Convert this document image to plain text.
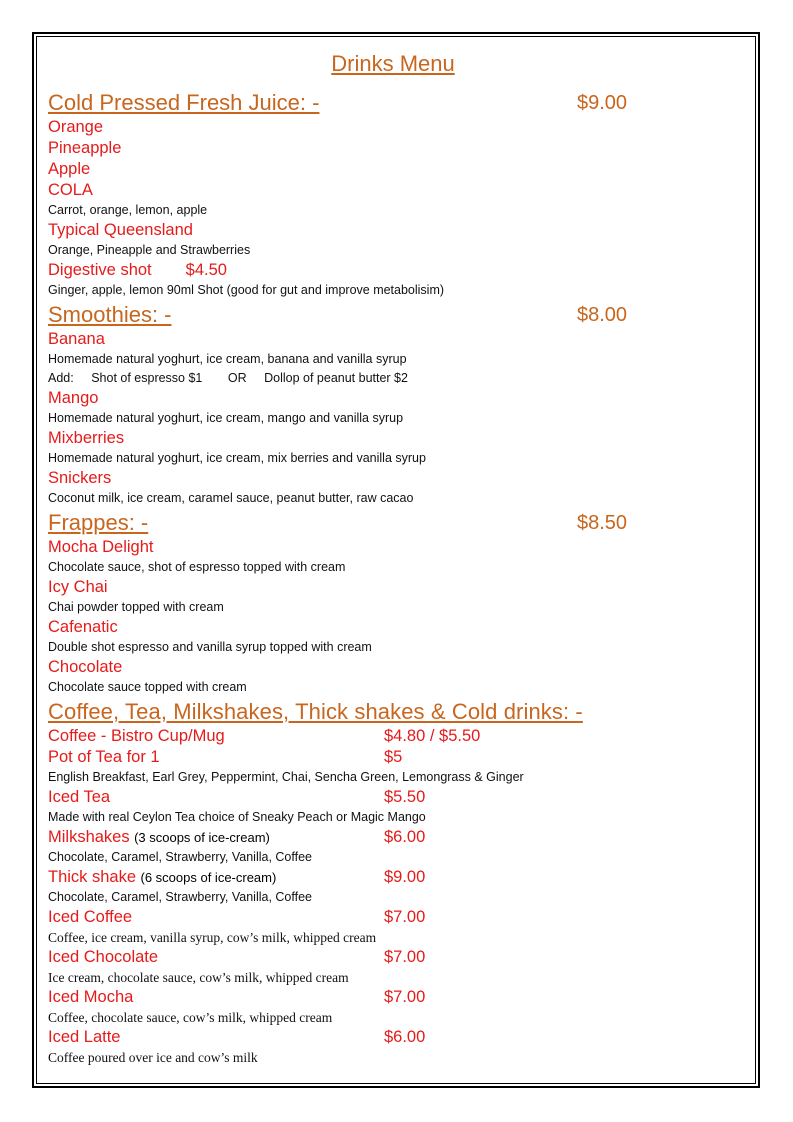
Drinks Menu
Cold Pressed Fresh Juice: -	$9.00
Orange
Pineapple
Apple
COLA
Carrot, orange, lemon, apple
Typical Queensland
Orange, Pineapple and Strawberries
Digestive shot $4.50
Ginger, apple, lemon 90ml Shot (good for gut and improve metabolisim)
Smoothies: -	$8.00
Banana
Homemade natural yoghurt, ice cream, banana and vanilla syrup
Add: Shot of espresso $1 OR Dollop of peanut butter $2
Mango
Homemade natural yoghurt, ice cream, mango and vanilla syrup
Mixberries
Homemade natural yoghurt, ice cream, mix berries and vanilla syrup
Snickers
Coconut milk, ice cream, caramel sauce, peanut butter, raw cacao
Frappes: -	$8.50
Mocha Delight
Chocolate sauce, shot of espresso topped with cream
Icy Chai
Chai powder topped with cream
Cafenatic
Double shot espresso and vanilla syrup topped with cream
Chocolate
Chocolate sauce topped with cream
Coffee, Tea, Milkshakes, Thick shakes & Cold drinks: -
Coffee - Bistro Cup/Mug	$4.80 / $5.50
Pot of Tea for 1	$5
English Breakfast, Earl Grey, Peppermint, Chai, Sencha Green, Lemongrass & Ginger
Iced Tea	$5.50
Made with real Ceylon Tea choice of Sneaky Peach or Magic Mango
Milkshakes (3 scoops of ice-cream)	$6.00
Chocolate, Caramel, Strawberry, Vanilla, Coffee
Thick shake (6 scoops of ice-cream)	$9.00
Chocolate, Caramel, Strawberry, Vanilla, Coffee
Iced Coffee	$7.00
Coffee, ice cream, vanilla syrup, cow’s milk, whipped cream
Iced Chocolate	$7.00
Ice cream, chocolate sauce, cow’s milk, whipped cream
Iced Mocha	$7.00
Coffee, chocolate sauce, cow’s milk, whipped cream
Iced Latte	$6.00
Coffee poured over ice and cow’s milk
